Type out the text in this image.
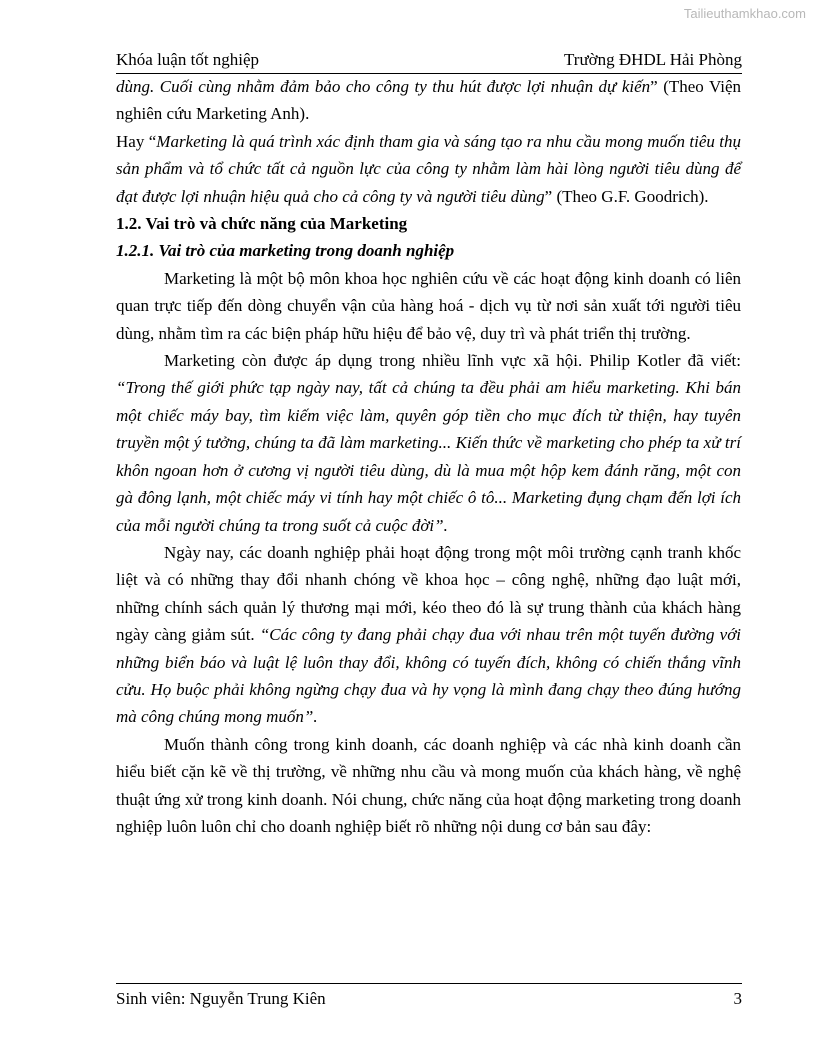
Tailieuthamkhao.com
Khóa luận tốt nghiệp	Trường ĐHDL Hải Phòng

dùng. Cuối cùng nhằm đảm bảo cho công ty thu hút được lợi nhuận dự kiến” (Theo Viện nghiên cứu Marketing Anh).

Hay “Marketing là quá trình xác định tham gia và sáng tạo ra nhu cầu mong muốn tiêu thụ sản phẩm và tổ chức tất cả nguồn lực của công ty nhằm làm hài lòng người tiêu dùng để đạt được lợi nhuận hiệu quả cho cả công ty và người tiêu dùng” (Theo G.F. Goodrich).

1.2. Vai trò và chức năng của Marketing

1.2.1. Vai trò của marketing trong doanh nghiệp

Marketing là một bộ môn khoa học nghiên cứu về các hoạt động kinh doanh có liên quan trực tiếp đến dòng chuyển vận của hàng hoá - dịch vụ từ nơi sản xuất tới người tiêu dùng, nhằm tìm ra các biện pháp hữu hiệu để bảo vệ, duy trì và phát triển thị trường.

Marketing còn được áp dụng trong nhiều lĩnh vực xã hội. Philip Kotler đã viết: “Trong thế giới phức tạp ngày nay, tất cả chúng ta đều phải am hiểu marketing. Khi bán một chiếc máy bay, tìm kiếm việc làm, quyên góp tiền cho mục đích từ thiện, hay tuyên truyền một ý tưởng, chúng ta đã làm marketing... Kiến thức về marketing cho phép ta xử trí khôn ngoan hơn ở cương vị người tiêu dùng, dù là mua một hộp kem đánh răng, một con gà đông lạnh, một chiếc máy vi tính hay một chiếc ô tô... Marketing đụng chạm đến lợi ích của mỗi người chúng ta trong suốt cả cuộc đời”.

Ngày nay, các doanh nghiệp phải hoạt động trong một môi trường cạnh tranh khốc liệt và có những thay đổi nhanh chóng về khoa học – công nghệ, những đạo luật mới, những chính sách quản lý thương mại mới, kéo theo đó là sự trung thành của khách hàng ngày càng giảm sút. “Các công ty đang phải chạy đua với nhau trên một tuyến đường với những biển báo và luật lệ luôn thay đổi, không có tuyến đích, không có chiến thắng vĩnh cửu. Họ buộc phải không ngừng chạy đua và hy vọng là mình đang chạy theo đúng hướng mà công chúng mong muốn”.

Muốn thành công trong kinh doanh, các doanh nghiệp và các nhà kinh doanh cần hiểu biết cặn kẽ về thị trường, về những nhu cầu và mong muốn của khách hàng, về nghệ thuật ứng xử trong kinh doanh. Nói chung, chức năng của hoạt động marketing trong doanh nghiệp luôn luôn chỉ cho doanh nghiệp biết rõ những nội dung cơ bản sau đây:

Sinh viên: Nguyễn Trung Kiên	3
